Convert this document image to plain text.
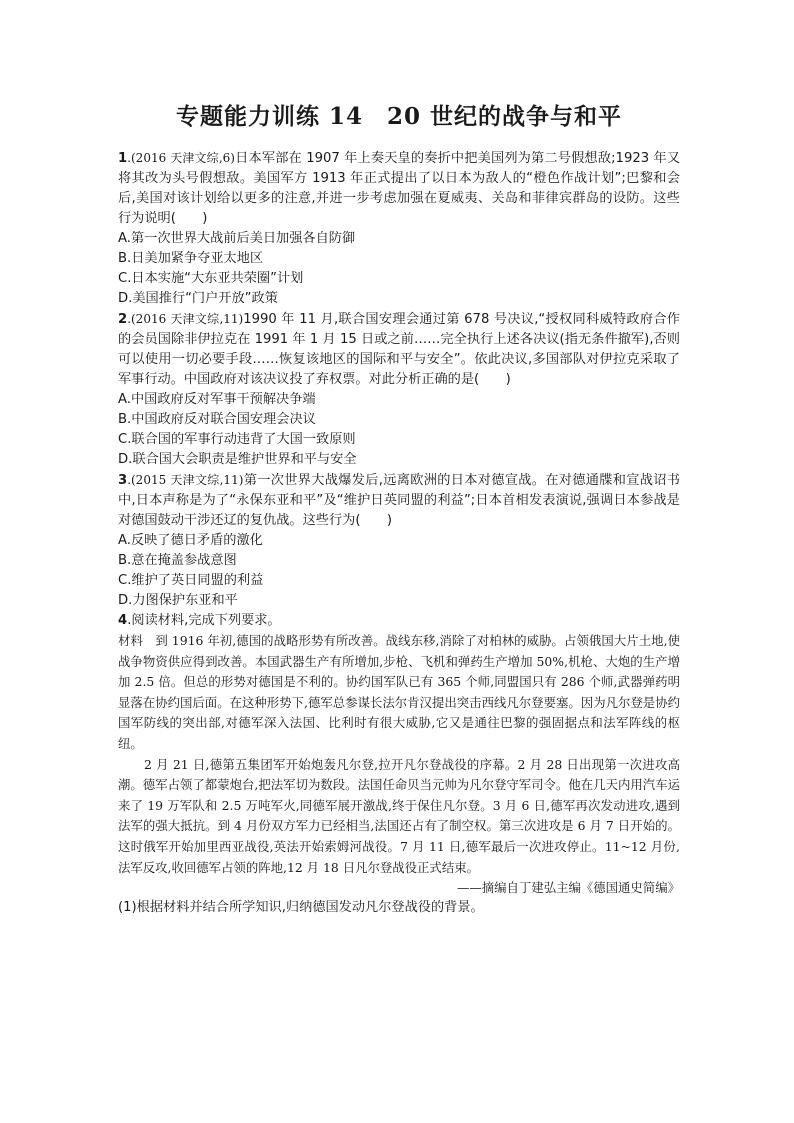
专题能力训练 14　20 世纪的战争与和平

1.(2016 天津文综,6)日本军部在 1907 年上奏天皇的奏折中把美国列为第二号假想敌;1923 年又将其改为头号假想敌。美国军方 1913 年正式提出了以日本为敌人的“橙色作战计划”;巴黎和会后,美国对该计划给以更多的注意,并进一步考虑加强在夏威夷、关岛和菲律宾群岛的设防。这些行为说明(　　)

A.第一次世界大战前后美日加强各自防御

B.日美加紧争夺亚太地区

C.日本实施“大东亚共荣圈”计划

D.美国推行“门户开放”政策

2.(2016 天津文综,11)1990 年 11 月,联合国安理会通过第 678 号决议,“授权同科威特政府合作的会员国除非伊拉克在 1991 年 1 月 15 日或之前……完全执行上述各决议(指无条件撤军),否则可以使用一切必要手段……恢复该地区的国际和平与安全”。依此决议,多国部队对伊拉克采取了军事行动。中国政府对该决议投了弃权票。对此分析正确的是(　　)

A.中国政府反对军事干预解决争端

B.中国政府反对联合国安理会决议

C.联合国的军事行动违背了大国一致原则

D.联合国大会职责是维护世界和平与安全

3.(2015 天津文综,11)第一次世界大战爆发后,远离欧洲的日本对德宣战。在对德通牒和宣战诏书中,日本声称是为了“永保东亚和平”及“维护日英同盟的利益”;日本首相发表演说,强调日本参战是对德国鼓动干涉还辽的复仇战。这些行为(　　)

A.反映了德日矛盾的激化

B.意在掩盖参战意图

C.维护了英日同盟的利益

D.力图保护东亚和平

4.阅读材料,完成下列要求。

材料　到 1916 年初,德国的战略形势有所改善。战线东移,消除了对柏林的威胁。占领俄国大片土地,使战争物资供应得到改善。本国武器生产有所增加,步枪、飞机和弹药生产增加 50%,机枪、大炮的生产增加 2.5 倍。但总的形势对德国是不利的。协约国军队已有 365 个师,同盟国只有 286 个师,武器弹药明显落在协约国后面。在这种形势下,德军总参谋长法尔肯汉提出突击西线凡尔登要塞。因为凡尔登是协约国军防线的突出部,对德军深入法国、比利时有很大威胁,它又是通往巴黎的强固据点和法军阵线的枢纽。

2 月 21 日,德第五集团军开始炮轰凡尔登,拉开凡尔登战役的序幕。2 月 28 日出现第一次进攻高潮。德军占领了都蒙炮台,把法军切为数段。法国任命贝当元帅为凡尔登守军司令。他在几天内用汽车运来了 19 万军队和 2.5 万吨军火,同德军展开激战,终于保住凡尔登。3 月 6 日,德军再次发动进攻,遇到法军的强大抵抗。到 4 月份双方军力已经相当,法国还占有了制空权。第三次进攻是 6 月 7 日开始的。这时俄军开始加里西亚战役,英法开始索姆河战役。7 月 11 日,德军最后一次进攻停止。11~12 月份,法军反攻,收回德军占领的阵地,12 月 18 日凡尔登战役正式结束。

——摘编自丁建弘主编《德国通史简编》

(1)根据材料并结合所学知识,归纳德国发动凡尔登战役的背景。
